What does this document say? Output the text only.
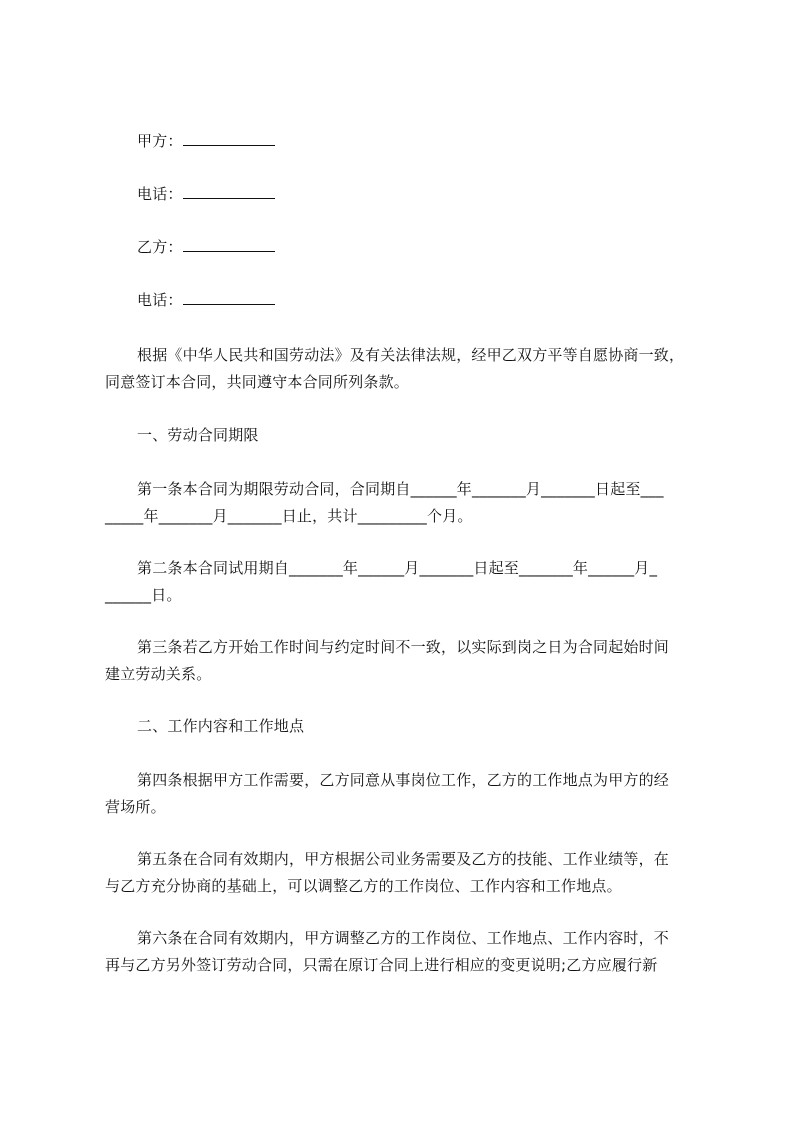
甲方：
电话：
乙方：
电话：
根据《中华人民共和国劳动法》及有关法律法规，经甲乙双方平等自愿协商一致，
同意签订本合同，共同遵守本合同所列条款。
一、劳动合同期限
第一条本合同为期限劳动合同，合同期自______年_______月_______日起至___
_____年_______月_______日止，共计_________个月。
第二条本合同试用期自_______年______月_______日起至_______年______月_
______日。
第三条若乙方开始工作时间与约定时间不一致，以实际到岗之日为合同起始时间
建立劳动关系。
二、工作内容和工作地点
第四条根据甲方工作需要，乙方同意从事岗位工作，乙方的工作地点为甲方的经
营场所。
第五条在合同有效期内，甲方根据公司业务需要及乙方的技能、工作业绩等，在
与乙方充分协商的基础上，可以调整乙方的工作岗位、工作内容和工作地点。
第六条在合同有效期内，甲方调整乙方的工作岗位、工作地点、工作内容时，不
再与乙方另外签订劳动合同，只需在原订合同上进行相应的变更说明;乙方应履行新
